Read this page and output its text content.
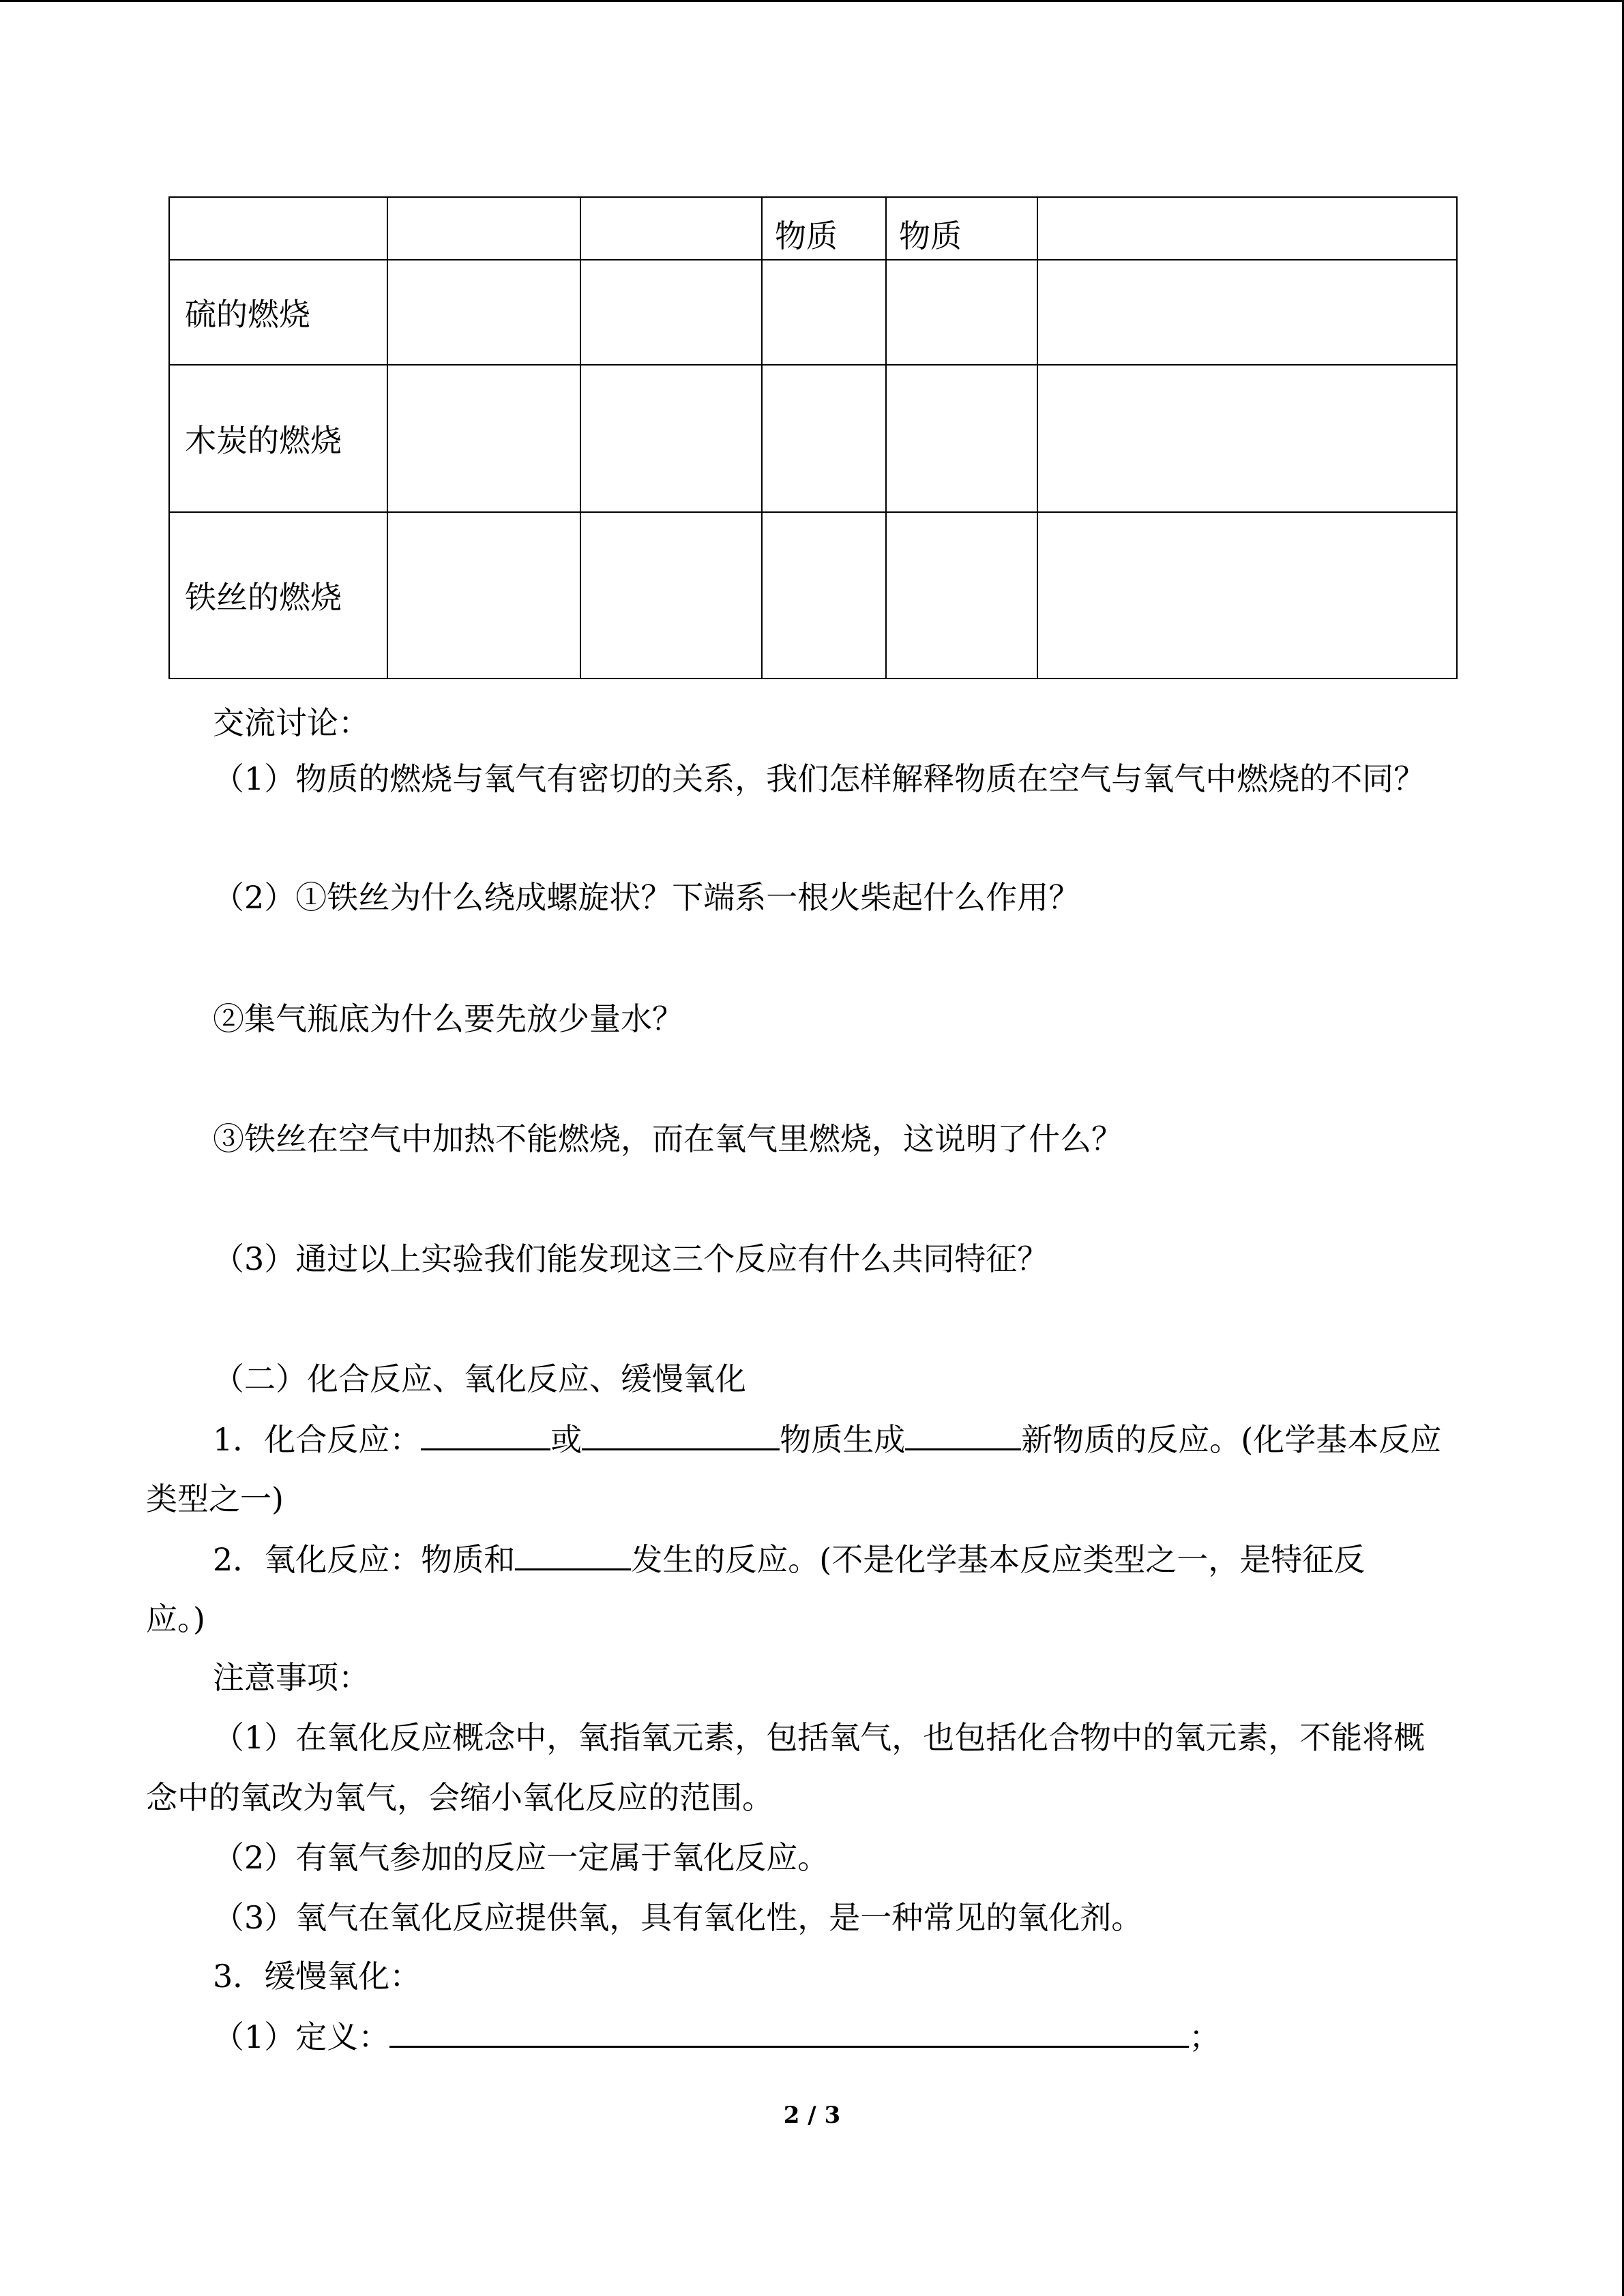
			物质	物质	
硫的燃烧					
木炭的燃烧					
铁丝的燃烧					
交流讨论：
（1）物质的燃烧与氧气有密切的关系，我们怎样解释物质在空气与氧气中燃烧的不同？
（2）①铁丝为什么绕成螺旋状？下端系一根火柴起什么作用？
②集气瓶底为什么要先放少量水？
③铁丝在空气中加热不能燃烧，而在氧气里燃烧，这说明了什么？
（3）通过以上实验我们能发现这三个反应有什么共同特征？
（二）化合反应、氧化反应、缓慢氧化
1．化合反应：	或	物质生成	新物质的反应。(化学基本反应
类型之一)
2．氧化反应：物质和	发生的反应。(不是化学基本反应类型之一，是特征反
应。)
注意事项：
（1）在氧化反应概念中，氧指氧元素，包括氧气，也包括化合物中的氧元素，不能将概
念中的氧改为氧气，会缩小氧化反应的范围。
（2）有氧气参加的反应一定属于氧化反应。
（3）氧气在氧化反应提供氧，具有氧化性，是一种常见的氧化剂。
3．缓慢氧化：
（1）定义：	；
2 / 3
